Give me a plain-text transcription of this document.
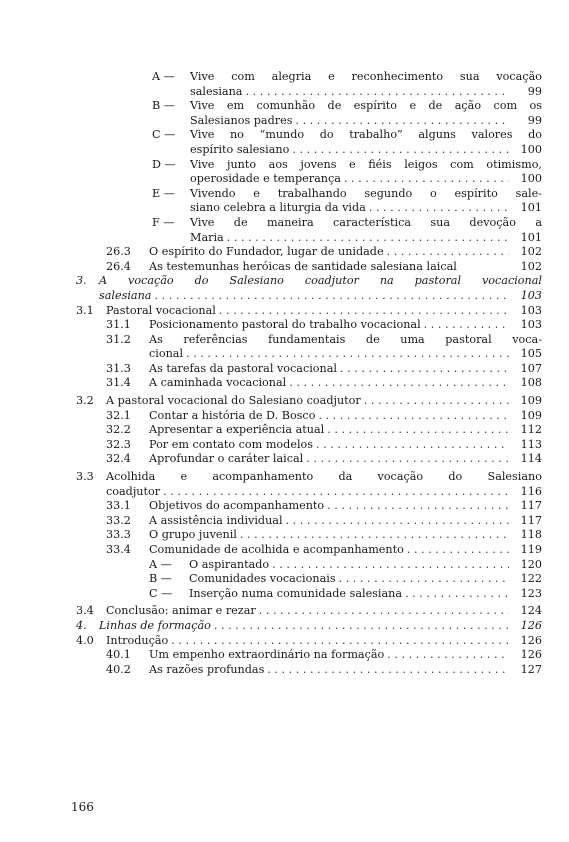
A — Vive com alegria e reconhecimento sua vocação
salesiana . . .	99
B — Vive em comunhão de espírito e de ação com os
Salesianos padres . . .	99
C — Vive no “mundo do trabalho” alguns valores do
espírito salesiano . . .	100
D — Vive junto aos jovens e fiéis leigos com otimismo,
operosidade e temperança . . .	100
E — Vivendo e trabalhando segundo o espírito sale-
siano celebra a liturgia da vida . . .	101
F — Vive de maneira característica sua devoção a
Maria . . .	101
26.3 O espírito do Fundador, lugar de unidade . . .	102
26.4 As testemunhas heróicas de santidade salesiana laical	102
3. A vocação do Salesiano coadjutor na pastoral vocacional
salesiana . . .	103
3.1 Pastoral vocacional . . .	103
31.1 Posicionamento pastoral do trabalho vocacional . . .	103
31.2 As referências fundamentais de uma pastoral voca-
cional . . .	105
31.3 As tarefas da pastoral vocacional . . .	107
31.4 A caminhada vocacional . . .	108
3.2 A pastoral vocacional do Salesiano coadjutor . . .	109
32.1 Contar a história de D. Bosco . . .	109
32.2 Apresentar a experiência atual . . .	112
32.3 Por em contato com modelos . . .	113
32.4 Aprofundar o caráter laical . . .	114
3.3 Acolhida e acompanhamento da vocação do Salesiano
coadjutor . . .	116
33.1 Objetivos do acompanhamento . . .	117
33.2 A assistência individual . . .	117
33.3 O grupo juvenil . . .	118
33.4 Comunidade de acolhida e acompanhamento . . .	119
A — O aspirantado . . .	120
B — Comunidades vocacionais . . .	122
C — Inserção numa comunidade salesiana . . .	123
3.4 Conclusão: animar e rezar . . .	124
4. Linhas de formação . . .	126
4.0 Introdução . . .	126
40.1 Um empenho extraordinário na formação . . .	126
40.2 As razões profundas . . .	127
166
